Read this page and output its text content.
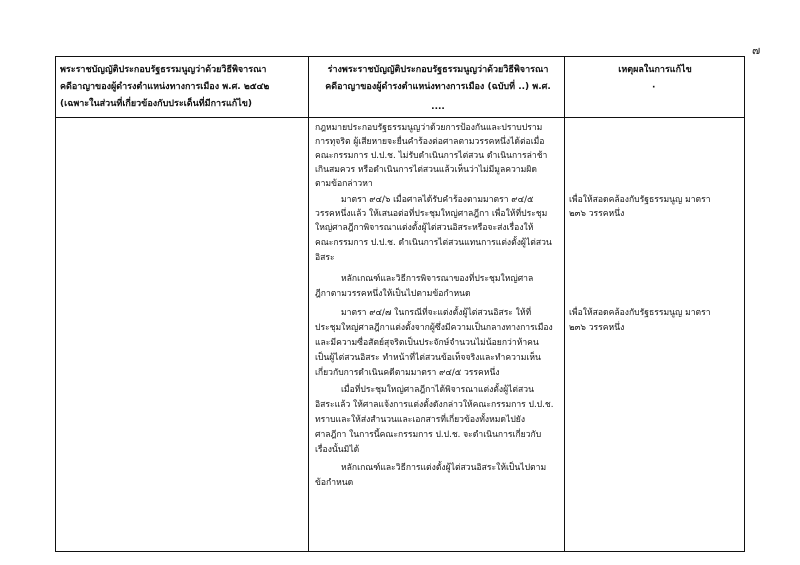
๗
พระราชบัญญัติประกอบรัฐธรรมนูญว่าด้วยวิธีพิจารณา
คดีอาญาของผู้ดำรงตำแหน่งทางการเมือง พ.ศ. ๒๕๔๒
(เฉพาะในส่วนที่เกี่ยวข้องกับประเด็นที่มีการแก้ไข)
ร่างพระราชบัญญัติประกอบรัฐธรรมนูญว่าด้วยวิธีพิจารณา
คดีอาญาของผู้ดำรงตำแหน่งทางการเมือง (ฉบับที่ ..) พ.ศ. ....
เหตุผลในการแก้ไข
·
กฎหมายประกอบรัฐธรรมนูญว่าด้วยการป้องกันและปราบปราม
การทุจริต ผู้เสียหายจะยื่นคำร้องต่อศาลตามวรรคหนึ่งได้ต่อเมื่อ
คณะกรรมการ ป.ป.ช. ไม่รับดำเนินการไต่สวน ดำเนินการล่าช้า
เกินสมควร หรือดำเนินการไต่สวนแล้วเห็นว่าไม่มีมูลความผิด
ตามข้อกล่าวหา
มาตรา ๙๔/๖ เมื่อศาลได้รับคำร้องตามมาตรา ๙๔/๕
วรรคหนึ่งแล้ว ให้เสนอต่อที่ประชุมใหญ่ศาลฎีกา เพื่อให้ที่ประชุม
ใหญ่ศาลฎีกาพิจารณาแต่งตั้งผู้ไต่สวนอิสระหรือจะส่งเรื่องให้
คณะกรรมการ ป.ป.ช. ดำเนินการไต่สวนแทนการแต่งตั้งผู้ไต่สวน
อิสระ
หลักเกณฑ์และวิธีการพิจารณาของที่ประชุมใหญ่ศาล
ฎีกาตามวรรคหนึ่งให้เป็นไปตามข้อกำหนด
มาตรา ๙๔/๗ ในกรณีที่จะแต่งตั้งผู้ไต่สวนอิสระ ให้ที่
ประชุมใหญ่ศาลฎีกาแต่งตั้งจากผู้ซึ่งมีความเป็นกลางทางการเมือง
และมีความซื่อสัตย์สุจริตเป็นประจักษ์จำนวนไม่น้อยกว่าห้าคน
เป็นผู้ไต่สวนอิสระ ทำหน้าที่ไต่สวนข้อเท็จจริงและทำความเห็น
เกี่ยวกับการดำเนินคดีตามมาตรา ๙๔/๕ วรรคหนึ่ง
เมื่อที่ประชุมใหญ่ศาลฎีกาได้พิจารณาแต่งตั้งผู้ไต่สวน
อิสระแล้ว ให้ศาลแจ้งการแต่งตั้งดังกล่าวให้คณะกรรมการ ป.ป.ช.
ทราบและให้ส่งสำนวนและเอกสารที่เกี่ยวข้องทั้งหมดไปยัง
ศาลฎีกา ในการนี้คณะกรรมการ ป.ป.ช. จะดำเนินการเกี่ยวกับ
เรื่องนั้นมิได้
หลักเกณฑ์และวิธีการแต่งตั้งผู้ไต่สวนอิสระให้เป็นไปตาม
ข้อกำหนด
เพื่อให้สอดคล้องกับรัฐธรรมนูญ มาตรา
๒๓๖ วรรคหนึ่ง
เพื่อให้สอดคล้องกับรัฐธรรมนูญ มาตรา
๒๓๖ วรรคหนึ่ง
